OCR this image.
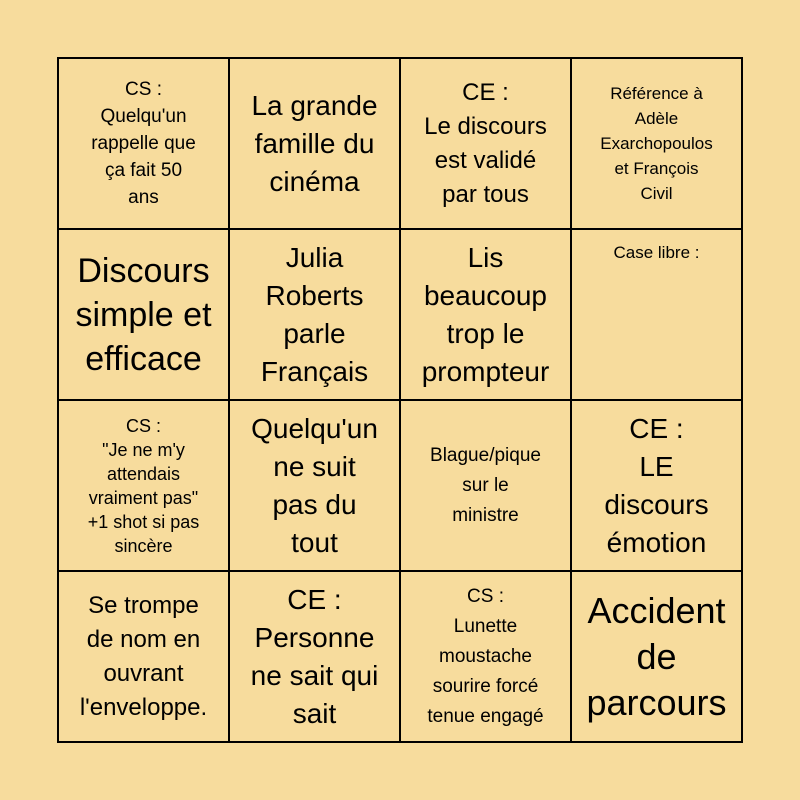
CS :
Quelqu'un
rappelle que
ça fait 50
ans
La grande
famille du
cinéma
CE :
Le discours
est validé
par tous
Référence à
Adèle
Exarchopoulos
et François
Civil
Discours
simple et
efficace
Julia
Roberts
parle
Français
Lis
beaucoup
trop le
prompteur
Case libre :
CS :
"Je ne m'y
attendais
vraiment pas"
+1 shot si pas
sincère
Quelqu'un
ne suit
pas du
tout
Blague/pique
sur le
ministre
CE :
LE
discours
émotion
Se trompe
de nom en
ouvrant
l'enveloppe.
CE :
Personne
ne sait qui
sait
CS :
Lunette
moustache
sourire forcé
tenue engagé
Accident
de
parcours
